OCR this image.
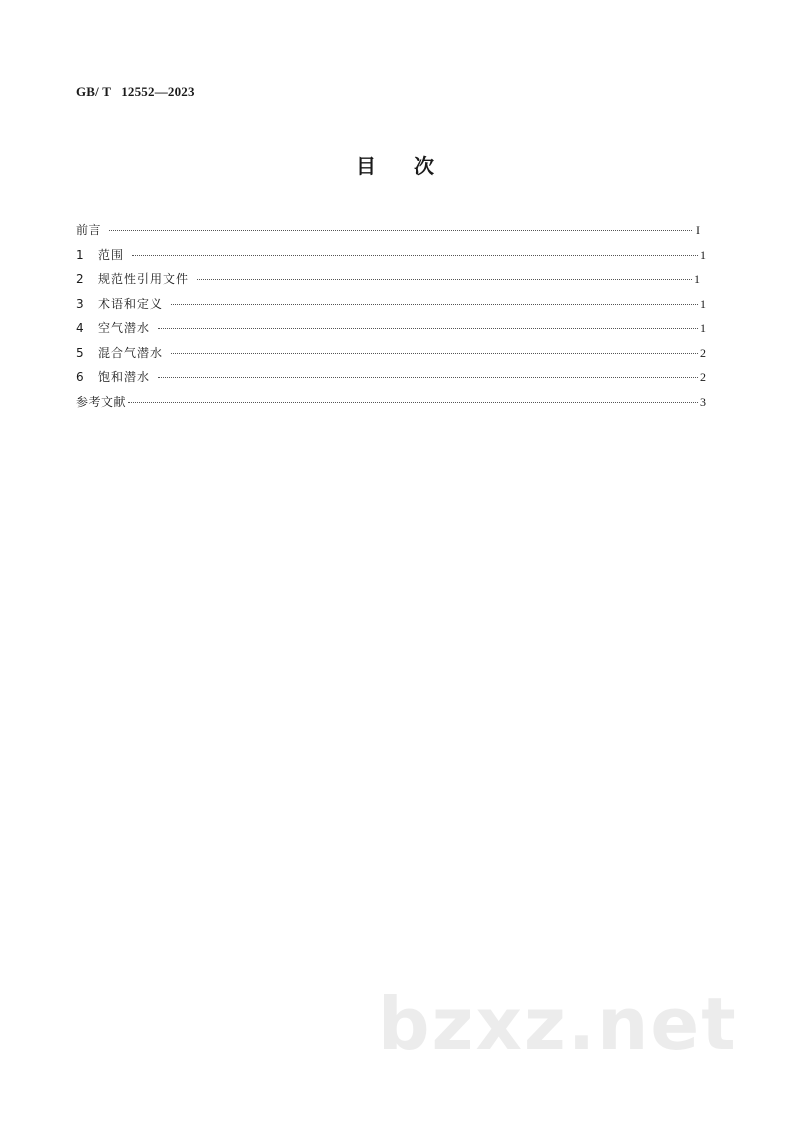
GB/ T   12552—2023
目次
前言	I
1	范围	1
2	规范性引用文件	1
3	术语和定义	1
4	空气潜水	1
5	混合气潜水	2
6	饱和潜水	2
参考文献	3
bzxz.net
